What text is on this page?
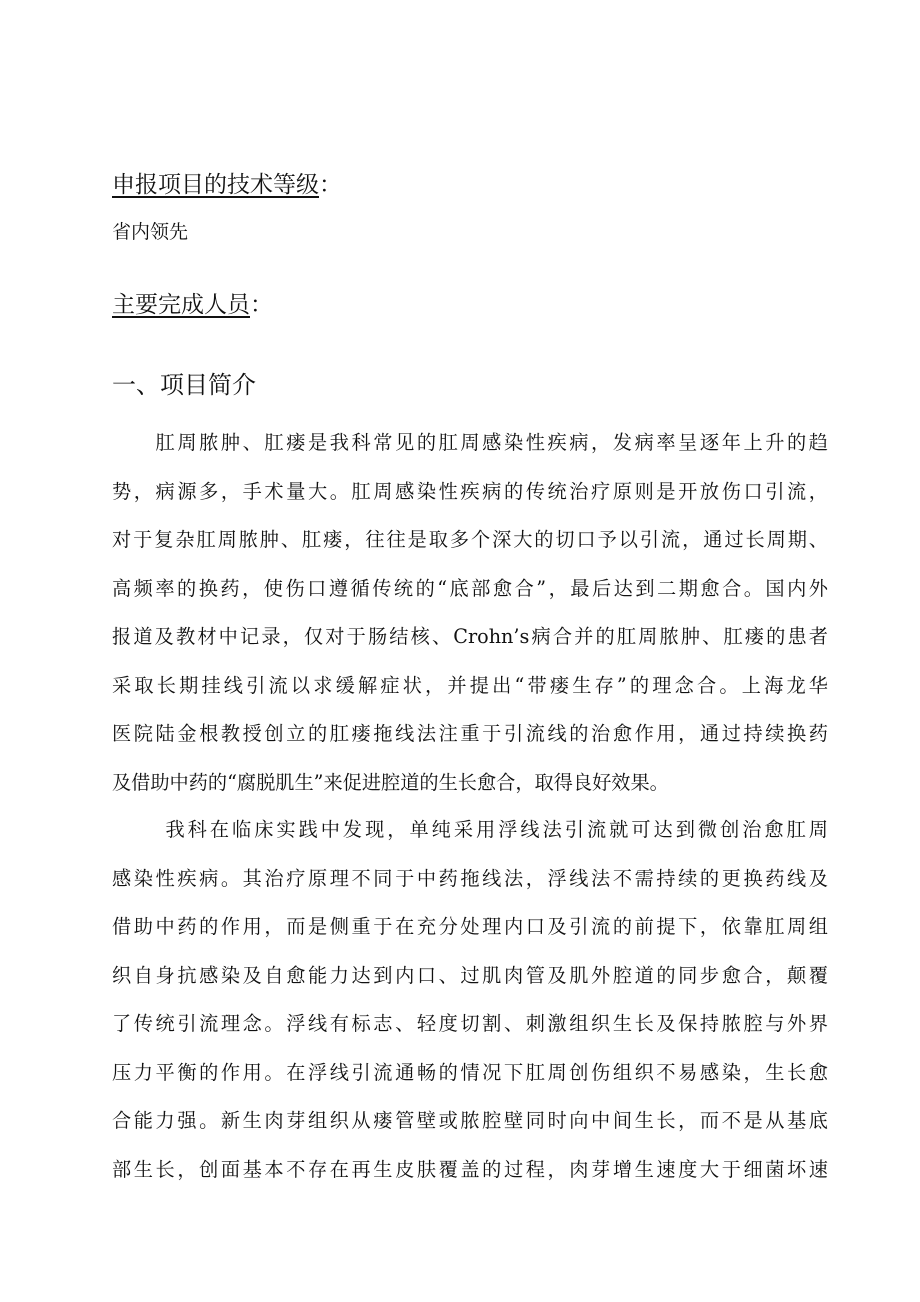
申报项目的技术等级：
省内领先
主要完成人员：
一、项目简介
　　肛周脓肿、肛瘘是我科常见的肛周感染性疾病，发病率呈逐年上升的趋
势，病源多，手术量大。肛周感染性疾病的传统治疗原则是开放伤口引流，
对于复杂肛周脓肿、肛瘘，往往是取多个深大的切口予以引流，通过长周期、
高频率的换药，使伤口遵循传统的“底部愈合”，最后达到二期愈合。国内外
报道及教材中记录，仅对于肠结核、Crohn’s病合并的肛周脓肿、肛瘘的患者
采取长期挂线引流以求缓解症状，并提出“带瘘生存”的理念合。上海龙华
医院陆金根教授创立的肛瘘拖线法注重于引流线的治愈作用，通过持续换药
及借助中药的“腐脱肌生”来促进腔道的生长愈合，取得良好效果。
　　 我科在临床实践中发现，单纯采用浮线法引流就可达到微创治愈肛周
感染性疾病。其治疗原理不同于中药拖线法，浮线法不需持续的更换药线及
借助中药的作用，而是侧重于在充分处理内口及引流的前提下，依靠肛周组
织自身抗感染及自愈能力达到内口、过肌肉管及肌外腔道的同步愈合，颠覆
了传统引流理念。浮线有标志、轻度切割、刺激组织生长及保持脓腔与外界
压力平衡的作用。在浮线引流通畅的情况下肛周创伤组织不易感染，生长愈
合能力强。新生肉芽组织从瘘管壁或脓腔壁同时向中间生长，而不是从基底
部生长，创面基本不存在再生皮肤覆盖的过程，肉芽增生速度大于细菌坏速
